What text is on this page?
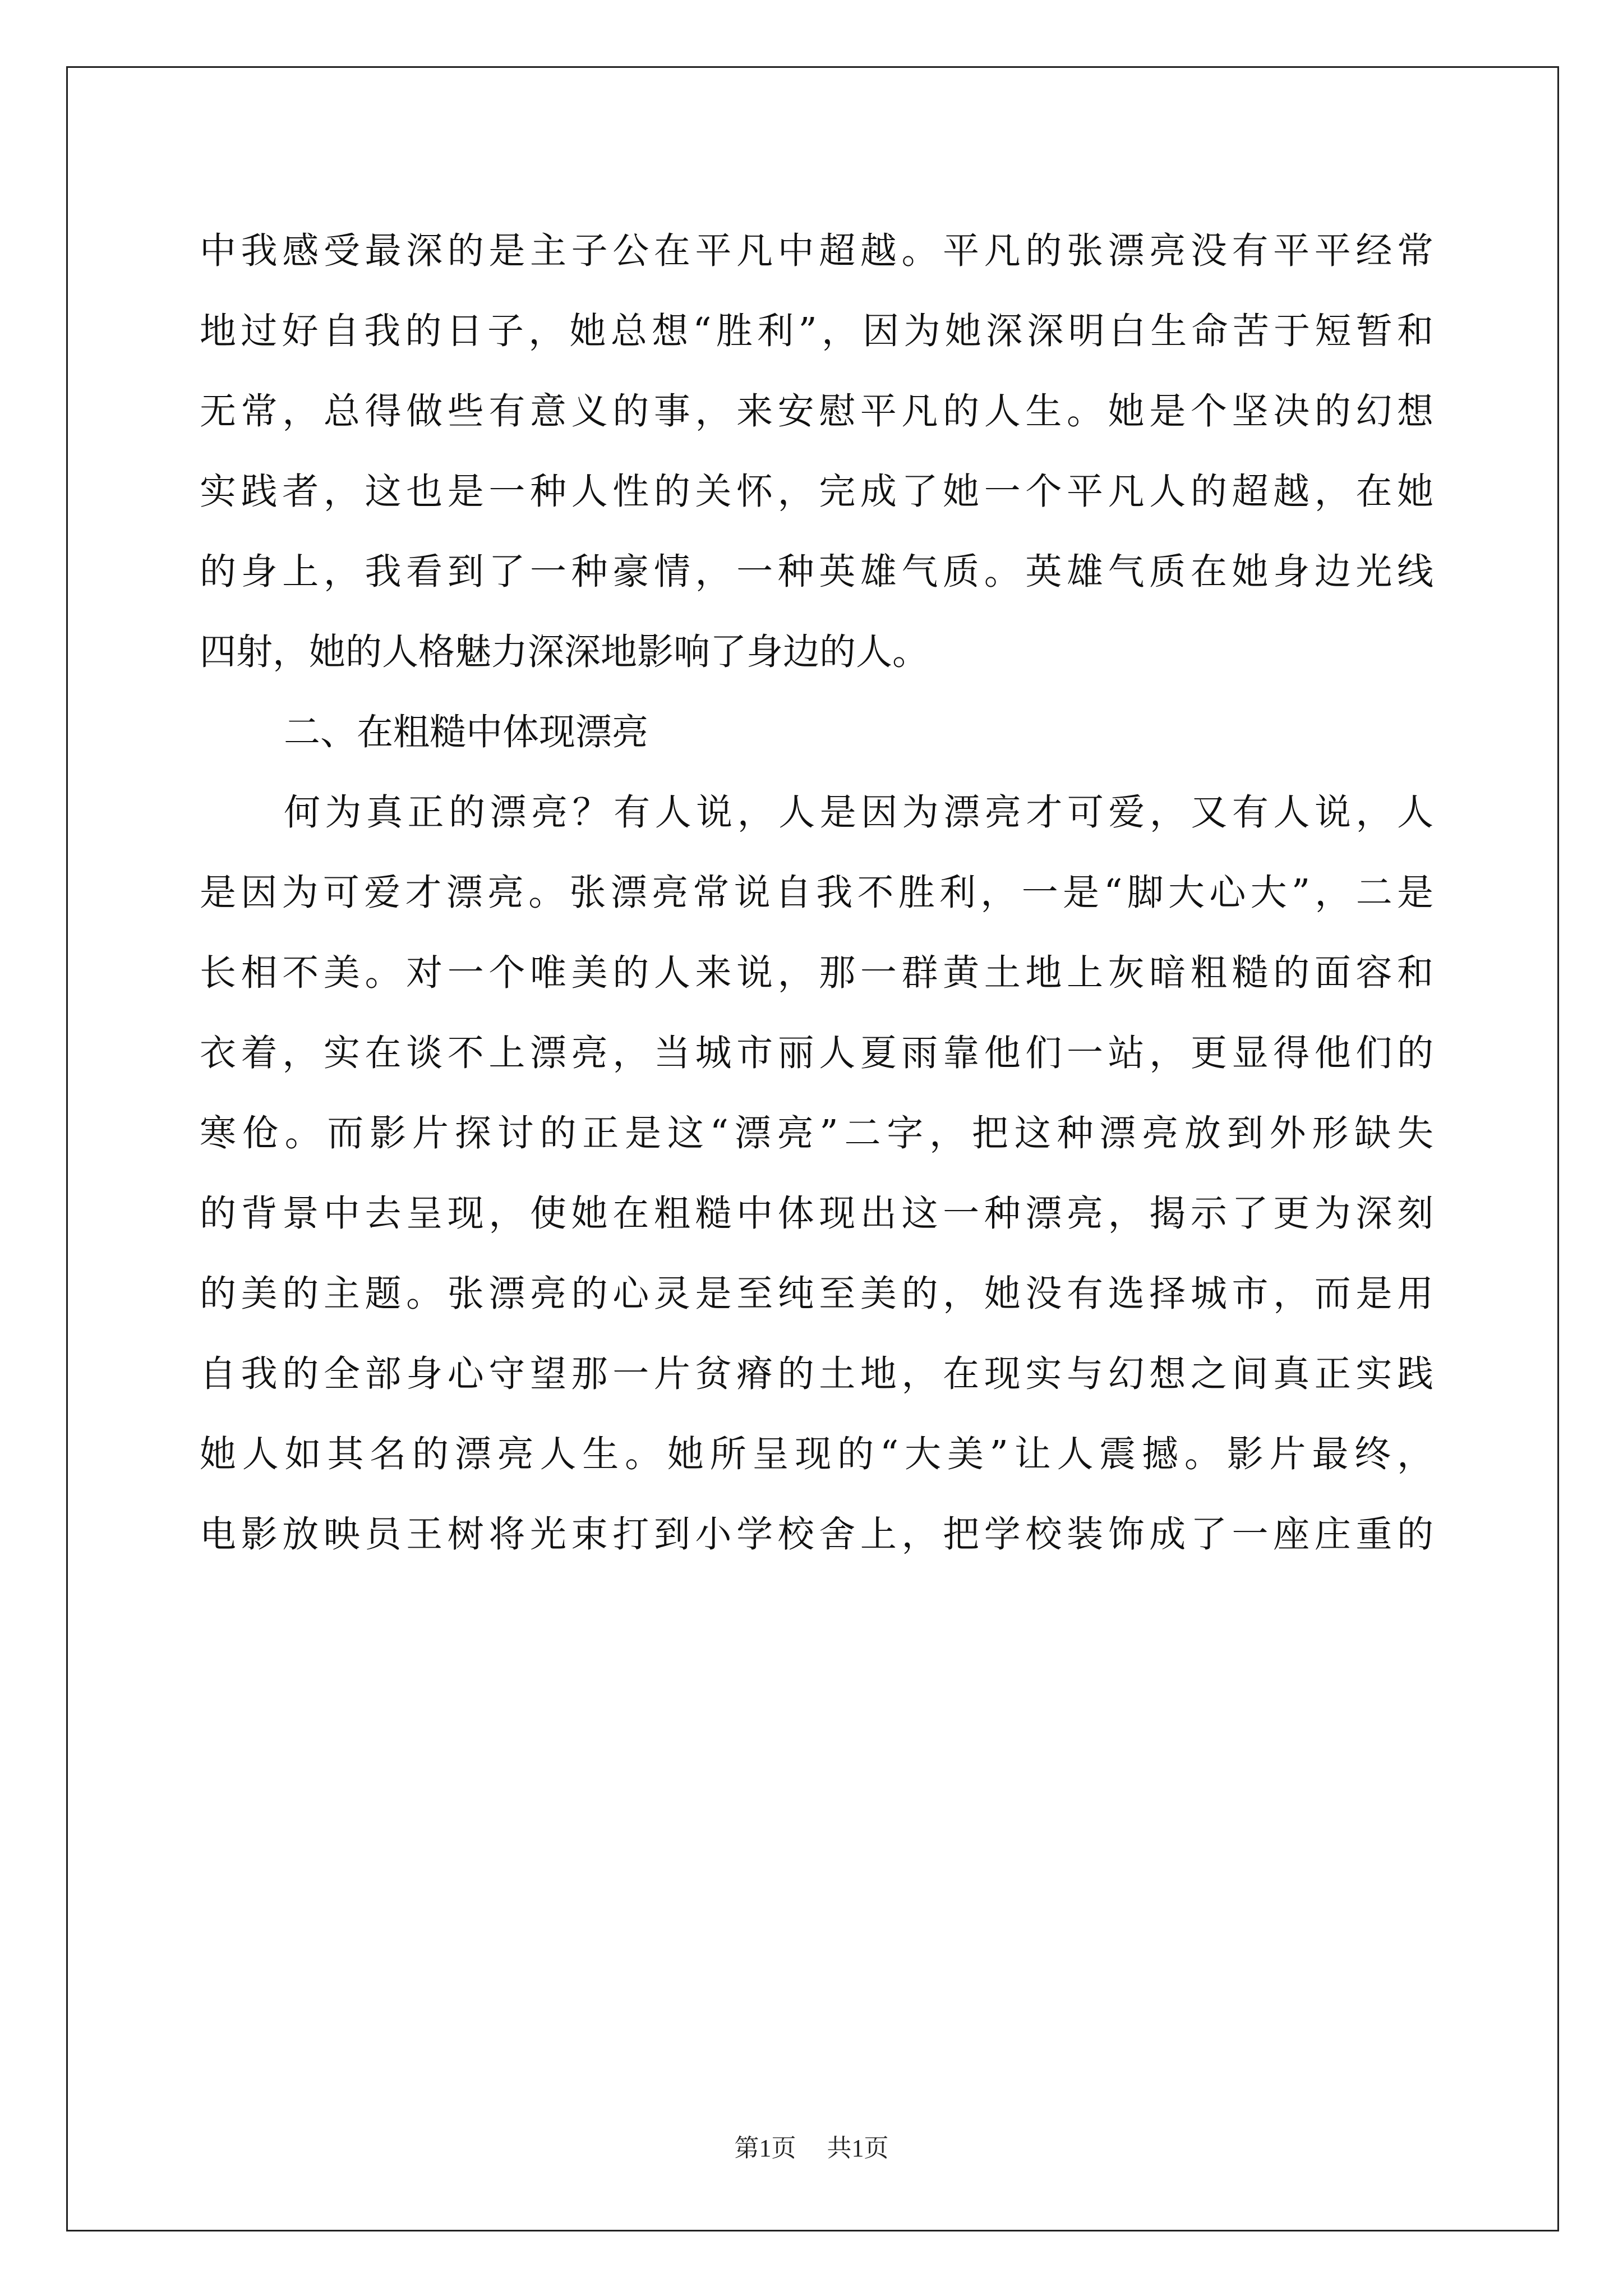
中我感受最深的是主子公在平凡中超越。平凡的张漂亮没有平平经常
地过好自我的日子，她总想“胜利”，因为她深深明白生命苦于短暂和
无常，总得做些有意义的事，来安慰平凡的人生。她是个坚决的幻想
实践者，这也是一种人性的关怀，完成了她一个平凡人的超越，在她
的身上，我看到了一种豪情，一种英雄气质。英雄气质在她身边光线
四射，她的人格魅力深深地影响了身边的人。
二、在粗糙中体现漂亮
何为真正的漂亮？有人说，人是因为漂亮才可爱，又有人说，人
是因为可爱才漂亮。张漂亮常说自我不胜利，一是“脚大心大”，二是
长相不美。对一个唯美的人来说，那一群黄土地上灰暗粗糙的面容和
衣着，实在谈不上漂亮，当城市丽人夏雨靠他们一站，更显得他们的
寒伧。而影片探讨的正是这“漂亮”二字，把这种漂亮放到外形缺失
的背景中去呈现，使她在粗糙中体现出这一种漂亮，揭示了更为深刻
的美的主题。张漂亮的心灵是至纯至美的，她没有选择城市，而是用
自我的全部身心守望那一片贫瘠的土地，在现实与幻想之间真正实践
她人如其名的漂亮人生。她所呈现的“大美”让人震撼。影片最终，
电影放映员王树将光束打到小学校舍上，把学校装饰成了一座庄重的
第1页 共1页
